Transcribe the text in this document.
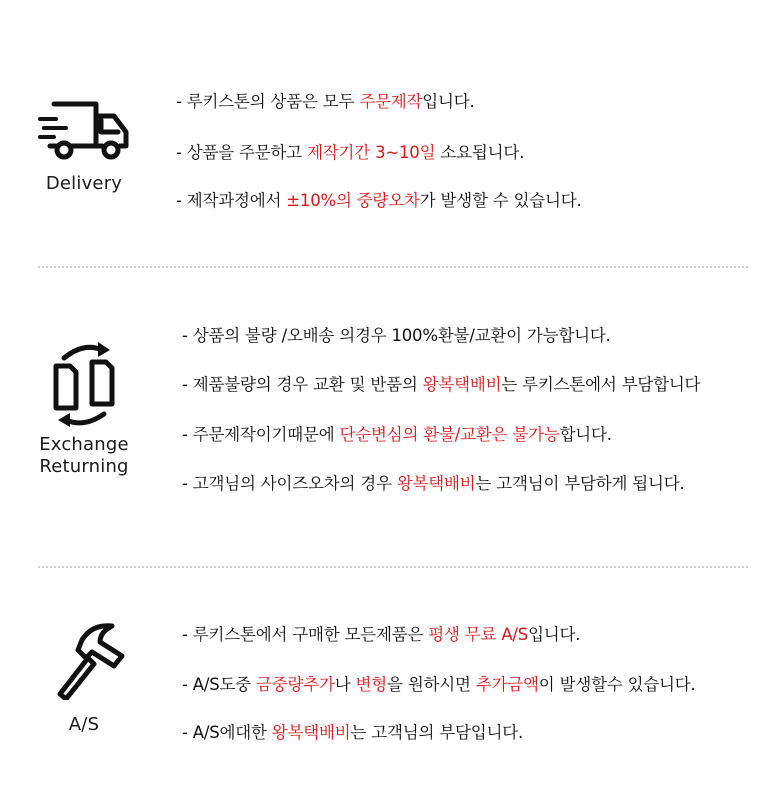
Delivery
- 루키스톤의 상품은 모두 주문제작입니다.
- 상품을 주문하고 제작기간 3~10일 소요됩니다.
- 제작과정에서 ±10%의 중량오차가 발생할 수 있습니다.
Exchange
Returning
- 상품의 불량 /오배송 의경우 100%환불/교환이 가능합니다.
- 제품불량의 경우 교환 및 반품의 왕복택배비는 루키스톤에서 부담합니다
- 주문제작이기때문에 단순변심의 환불/교환은 불가능합니다.
- 고객님의 사이즈오차의 경우 왕복택배비는 고객님이 부담하게 됩니다.
A/S
- 루키스톤에서 구매한 모든제품은 평생 무료 A/S입니다.
- A/S도중 금중량추가나 변형을 원하시면 추가금액이 발생할수 있습니다.
- A/S에대한 왕복택배비는 고객님의 부담입니다.
